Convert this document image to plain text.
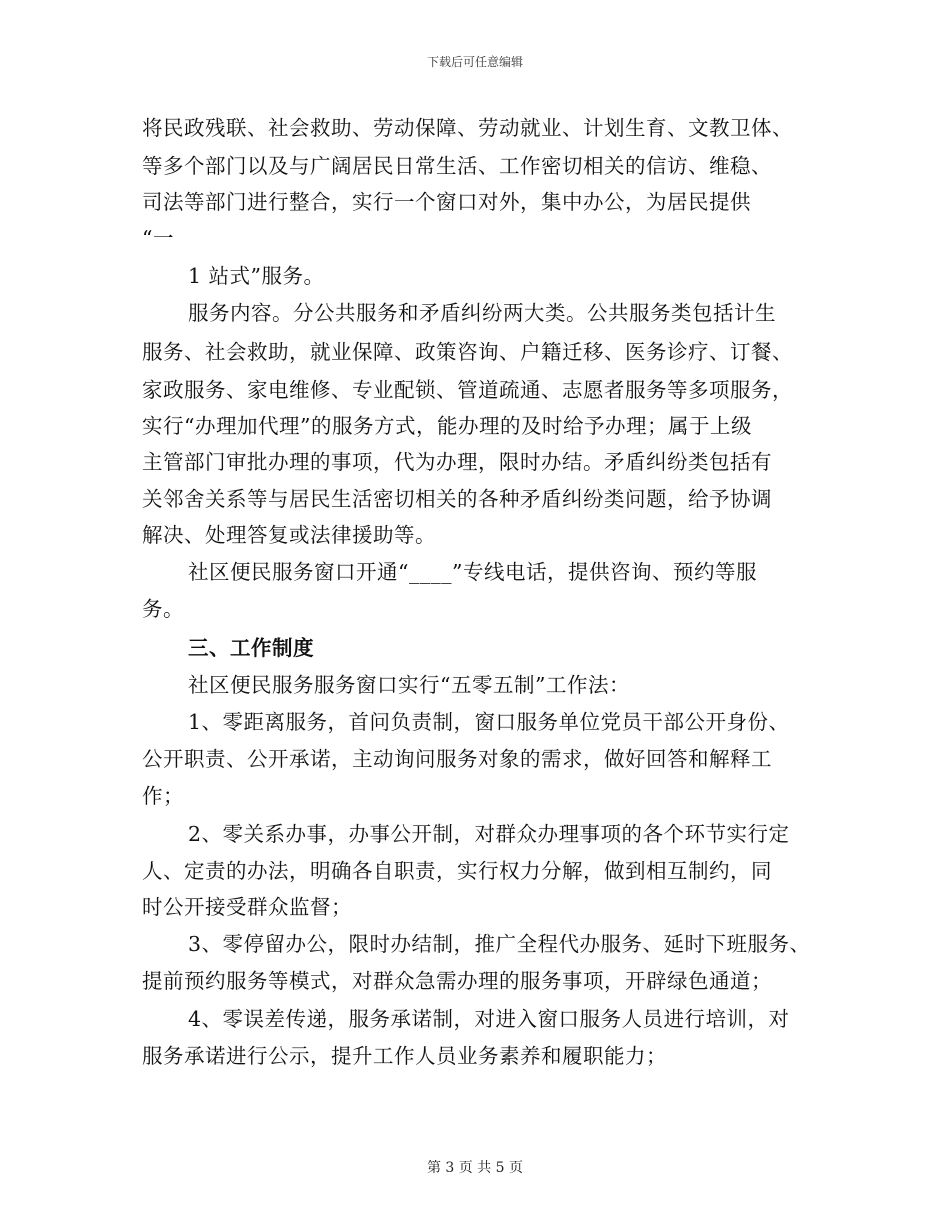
下载后可任意编辑
将民政残联、社会救助、劳动保障、劳动就业、计划生育、文教卫体、
等多个部门以及与广阔居民日常生活、工作密切相关的信访、维稳、
司法等部门进行整合，实行一个窗口对外，集中办公，为居民提供
“一
1 站式”服务。
服务内容。分公共服务和矛盾纠纷两大类。公共服务类包括计生
服务、社会救助，就业保障、政策咨询、户籍迁移、医务诊疗、订餐、
家政服务、家电维修、专业配锁、管道疏通、志愿者服务等多项服务，
实行“办理加代理”的服务方式，能办理的及时给予办理；属于上级
主管部门审批办理的事项，代为办理，限时办结。矛盾纠纷类包括有
关邻舍关系等与居民生活密切相关的各种矛盾纠纷类问题，给予协调
解决、处理答复或法律援助等。
社区便民服务窗口开通“____”专线电话，提供咨询、预约等服
务。
三、工作制度
社区便民服务服务窗口实行“五零五制”工作法：
1、零距离服务，首问负责制，窗口服务单位党员干部公开身份、
公开职责、公开承诺，主动询问服务对象的需求，做好回答和解释工
作；
2、零关系办事，办事公开制，对群众办理事项的各个环节实行定
人、定责的办法，明确各自职责，实行权力分解，做到相互制约，同
时公开接受群众监督；
3、零停留办公，限时办结制，推广全程代办服务、延时下班服务、
提前预约服务等模式，对群众急需办理的服务事项，开辟绿色通道；
4、零误差传递，服务承诺制，对进入窗口服务人员进行培训，对
服务承诺进行公示，提升工作人员业务素养和履职能力；
第 3 页 共 5 页
